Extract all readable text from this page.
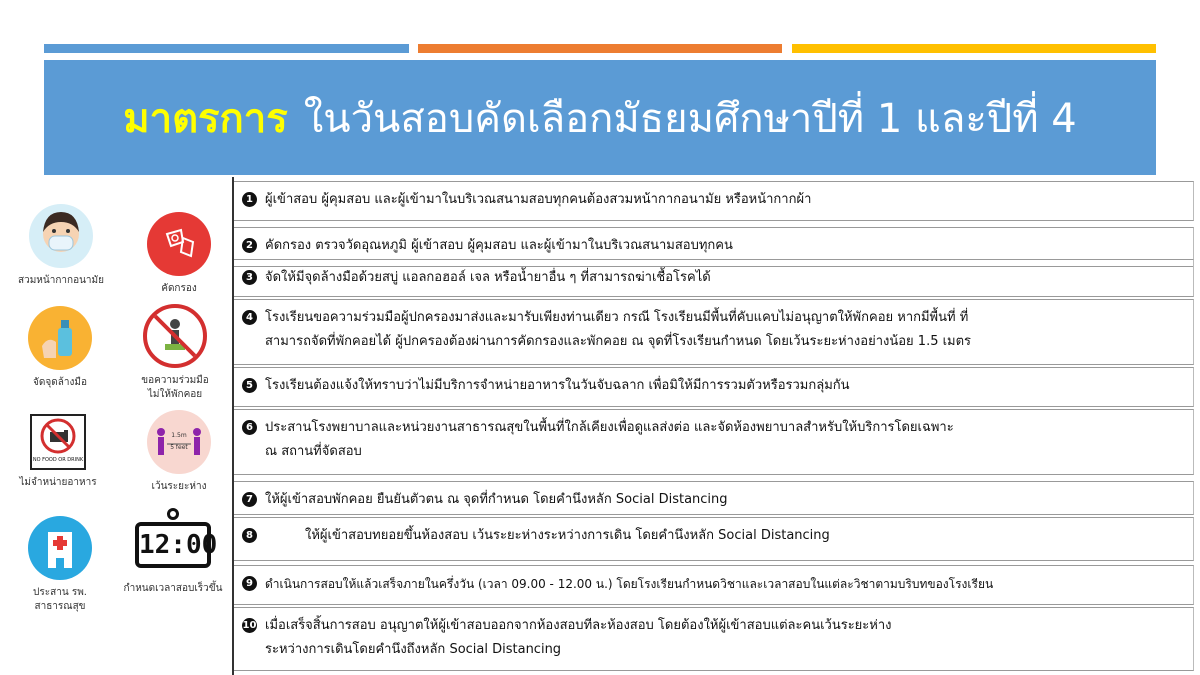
มาตรการ ในวันสอบคัดเลือกมัธยมศึกษาปีที่ 1 และปีที่ 4
สวมหน้ากากอนามัย
คัดกรอง
จัดจุดล้างมือ	ขอความร่วมมือ
ไม่ให้พักคอย
NO FOOD OR DRINK
ไม่จำหน่ายอาหาร
1.5m
5 feet
เว้นระยะห่าง
ประสาน รพ.
สาธารณสุข
12:00
กำหนดเวลาสอบเร็วขึ้น
1 ผู้เข้าสอบ ผู้คุมสอบ และผู้เข้ามาในบริเวณสนามสอบทุกคนต้องสวมหน้ากากอนามัย หรือหน้ากากผ้า
2 คัดกรอง ตรวจวัดอุณหภูมิ ผู้เข้าสอบ ผู้คุมสอบ และผู้เข้ามาในบริเวณสนามสอบทุกคน
3 จัดให้มีจุดล้างมือด้วยสบู่ แอลกอฮอล์ เจล หรือน้ำยาอื่น ๆ ที่สามารถฆ่าเชื้อโรคได้
4 โรงเรียนขอความร่วมมือผู้ปกครองมาส่งและมารับเพียงท่านเดียว กรณี โรงเรียนมีพื้นที่คับแคบไม่อนุญาตให้พักคอย หากมีพื้นที่ ที่
สามารถจัดที่พักคอยได้ ผู้ปกครองต้องผ่านการคัดกรองและพักคอย ณ จุดที่โรงเรียนกำหนด โดยเว้นระยะห่างอย่างน้อย 1.5 เมตร
5 โรงเรียนต้องแจ้งให้ทราบว่าไม่มีบริการจำหน่ายอาหารในวันจับฉลาก เพื่อมิให้มีการรวมตัวหรือรวมกลุ่มกัน
6 ประสานโรงพยาบาลและหน่วยงานสาธารณสุขในพื้นที่ใกล้เคียงเพื่อดูแลส่งต่อ และจัดห้องพยาบาลสำหรับให้บริการโดยเฉพาะ
ณ สถานที่จัดสอบ
7 ให้ผู้เข้าสอบพักคอย ยืนยันตัวตน ณ จุดที่กำหนด โดยคำนึงหลัก Social Distancing
8	ให้ผู้เข้าสอบทยอยขึ้นห้องสอบ เว้นระยะห่างระหว่างการเดิน โดยคำนึงหลัก Social Distancing
9	ดำเนินการสอบให้แล้วเสร็จภายในครึ่งวัน (เวลา 09.00 - 12.00 น.) โดยโรงเรียนกำหนดวิชาและเวลาสอบในแต่ละวิชาตามบริบทของโรงเรียน
10 เมื่อเสร็จสิ้นการสอบ อนุญาตให้ผู้เข้าสอบออกจากห้องสอบทีละห้องสอบ โดยต้องให้ผู้เข้าสอบแต่ละคนเว้นระยะห่าง
ระหว่างการเดินโดยคำนึงถึงหลัก Social Distancing
